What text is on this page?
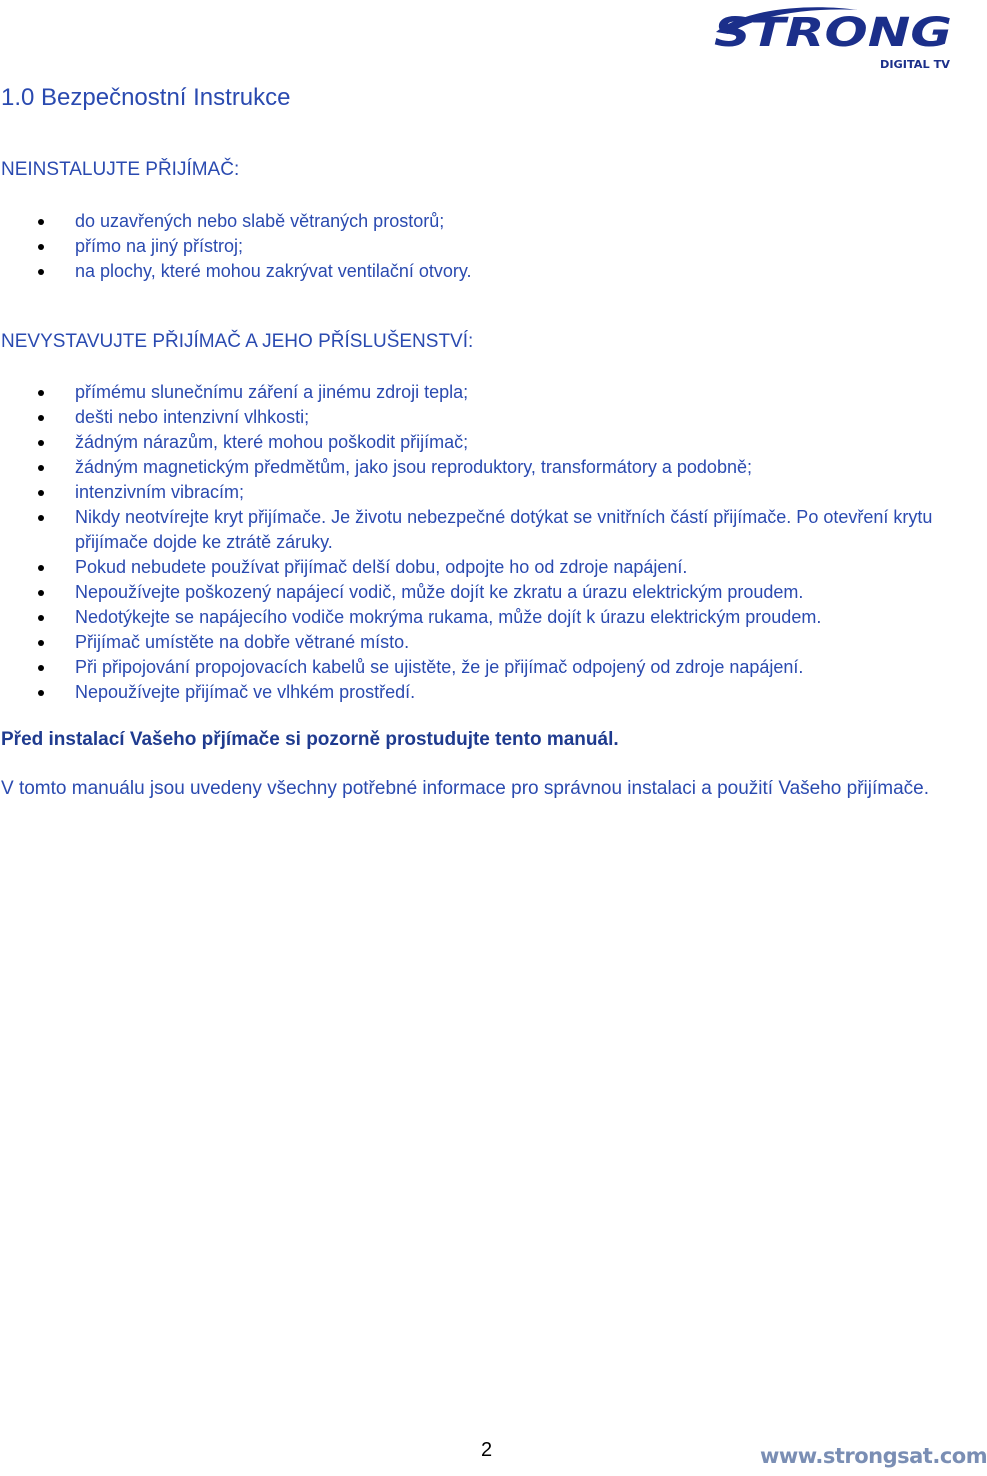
STRONG
DIGITAL TV
1.0 Bezpečnostní Instrukce
NEINSTALUJTE PŘIJÍMAČ:
do uzavřených nebo slabě větraných prostorů;
přímo na jiný přístroj;
na plochy, které mohou zakrývat ventilační otvory.
NEVYSTAVUJTE PŘIJÍMAČ A JEHO PŘÍSLUŠENSTVÍ:
přímému slunečnímu záření a jinému zdroji tepla;
dešti nebo intenzivní vlhkosti;
žádným nárazům, které mohou poškodit přijímač;
žádným magnetickým předmětům, jako jsou reproduktory, transformátory a podobně;
intenzivním vibracím;
Nikdy neotvírejte kryt přijímače. Je životu nebezpečné dotýkat se vnitřních částí přijímače. Po otevření krytu přijímače dojde ke ztrátě záruky.
Pokud nebudete používat přijímač delší dobu, odpojte ho od zdroje napájení.
Nepoužívejte poškozený napájecí vodič, může dojít ke zkratu a úrazu elektrickým proudem.
Nedotýkejte se napájecího vodiče mokrýma rukama, může dojít k úrazu elektrickým proudem.
Přijímač umístěte na dobře větrané místo.
Při připojování propojovacích kabelů se ujistěte, že je přijímač odpojený od zdroje napájení.
Nepoužívejte přijímač ve vlhkém prostředí.

Před instalací Vašeho přjímače si pozorně prostudujte tento manuál.

V tomto manuálu jsou uvedeny všechny potřebné informace pro správnou instalaci a použití Vašeho přijímače.

2	www.strongsat.com
